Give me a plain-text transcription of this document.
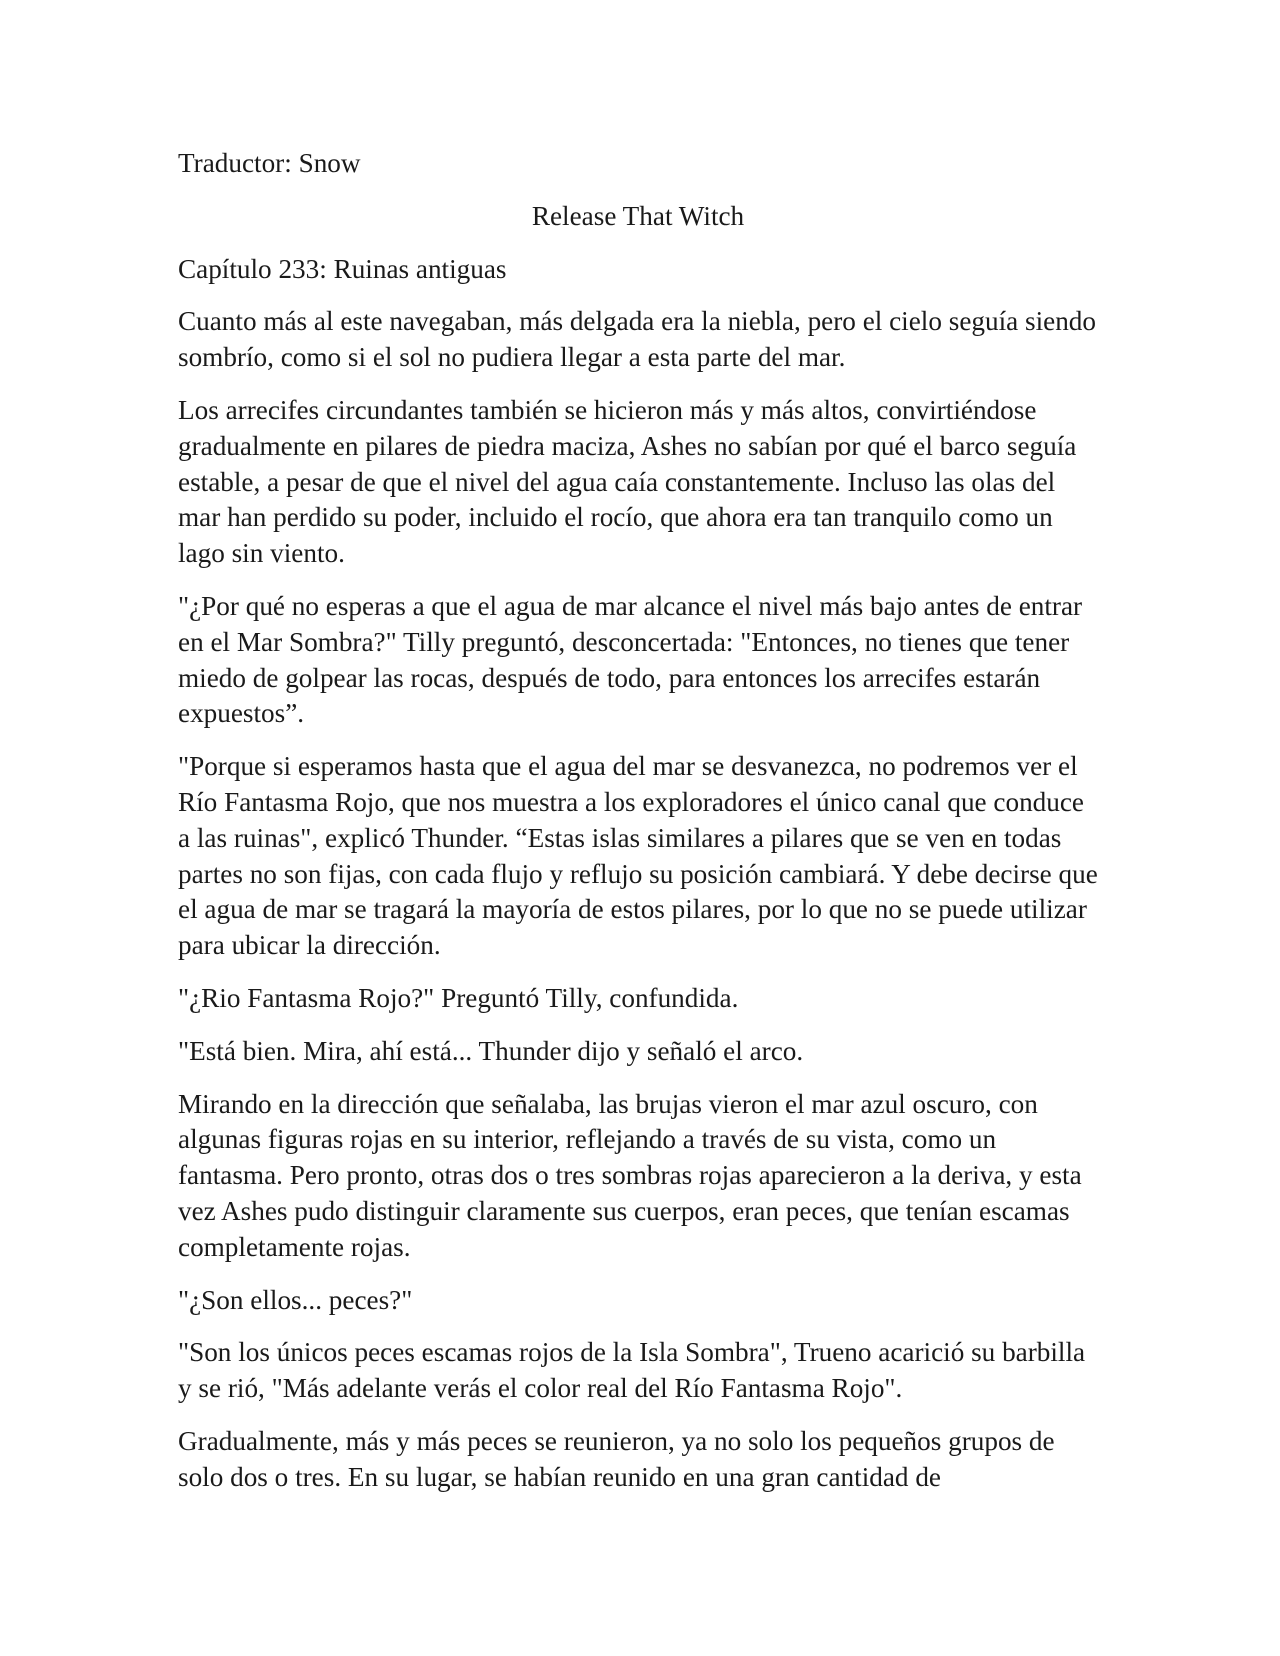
Traductor: Snow

Release That Witch

Capítulo 233: Ruinas antiguas

Cuanto más al este navegaban, más delgada era la niebla, pero el cielo seguía siendo sombrío, como si el sol no pudiera llegar a esta parte del mar.

Los arrecifes circundantes también se hicieron más y más altos, convirtiéndose gradualmente en pilares de piedra maciza, Ashes no sabían por qué el barco seguía estable, a pesar de que el nivel del agua caía constantemente. Incluso las olas del mar han perdido su poder, incluido el rocío, que ahora era tan tranquilo como un lago sin viento.

"¿Por qué no esperas a que el agua de mar alcance el nivel más bajo antes de entrar en el Mar Sombra?" Tilly preguntó, desconcertada: "Entonces, no tienes que tener miedo de golpear las rocas, después de todo, para entonces los arrecifes estarán expuestos”.

"Porque si esperamos hasta que el agua del mar se desvanezca, no podremos ver el Río Fantasma Rojo, que nos muestra a los exploradores el único canal que conduce a las ruinas", explicó Thunder. “Estas islas similares a pilares que se ven en todas partes no son fijas, con cada flujo y reflujo su posición cambiará. Y debe decirse que el agua de mar se tragará la mayoría de estos pilares, por lo que no se puede utilizar para ubicar la dirección.

"¿Rio Fantasma Rojo?" Preguntó Tilly, confundida.

"Está bien. Mira, ahí está... Thunder dijo y señaló el arco.

Mirando en la dirección que señalaba, las brujas vieron el mar azul oscuro, con algunas figuras rojas en su interior, reflejando a través de su vista, como un fantasma. Pero pronto, otras dos o tres sombras rojas aparecieron a la deriva, y esta vez Ashes pudo distinguir claramente sus cuerpos, eran peces, que tenían escamas completamente rojas.

"¿Son ellos... peces?"

"Son los únicos peces escamas rojos de la Isla Sombra", Trueno acarició su barbilla y se rió, "Más adelante verás el color real del Río Fantasma Rojo".

Gradualmente, más y más peces se reunieron, ya no solo los pequeños grupos de solo dos o tres. En su lugar, se habían reunido en una gran cantidad de
